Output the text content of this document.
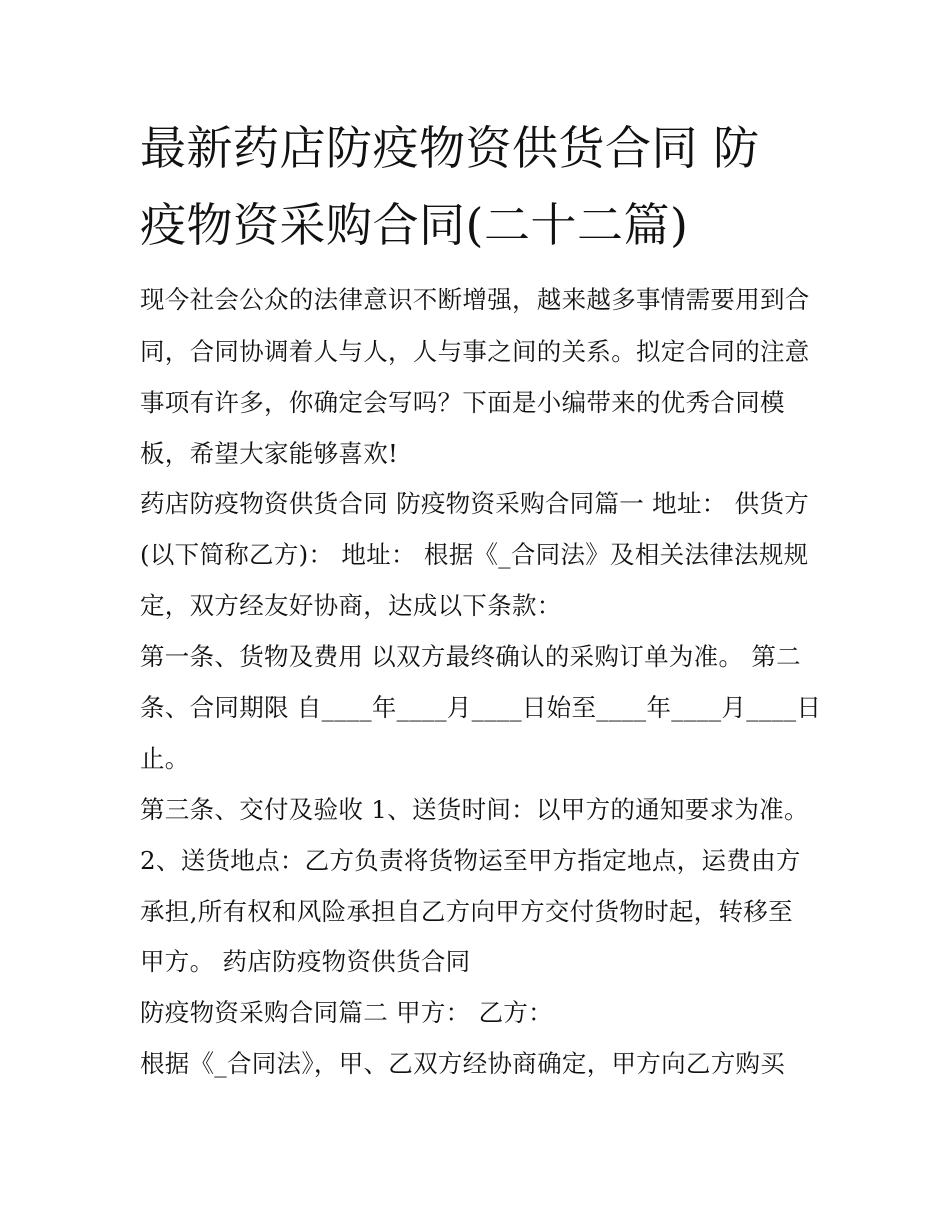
最新药店防疫物资供货合同 防
疫物资采购合同(二十二篇)
现今社会公众的法律意识不断增强，越来越多事情需要用到合
同，合同协调着人与人，人与事之间的关系。拟定合同的注意
事项有许多，你确定会写吗？下面是小编带来的优秀合同模
板，希望大家能够喜欢!
药店防疫物资供货合同 防疫物资采购合同篇一 地址： 供货方
(以下简称乙方)： 地址： 根据《_合同法》及相关法律法规规
定，双方经友好协商，达成以下条款：
第一条、货物及费用 以双方最终确认的采购订单为准。 第二
条、合同期限 自____年____月____日始至____年____月____日
止。
第三条、交付及验收 1、送货时间：以甲方的通知要求为准。
2、送货地点：乙方负责将货物运至甲方指定地点，运费由方
承担,所有权和风险承担自乙方向甲方交付货物时起，转移至
甲方。 药店防疫物资供货合同
防疫物资采购合同篇二 甲方： 乙方：
根据《_合同法》，甲、乙双方经协商确定，甲方向乙方购买
